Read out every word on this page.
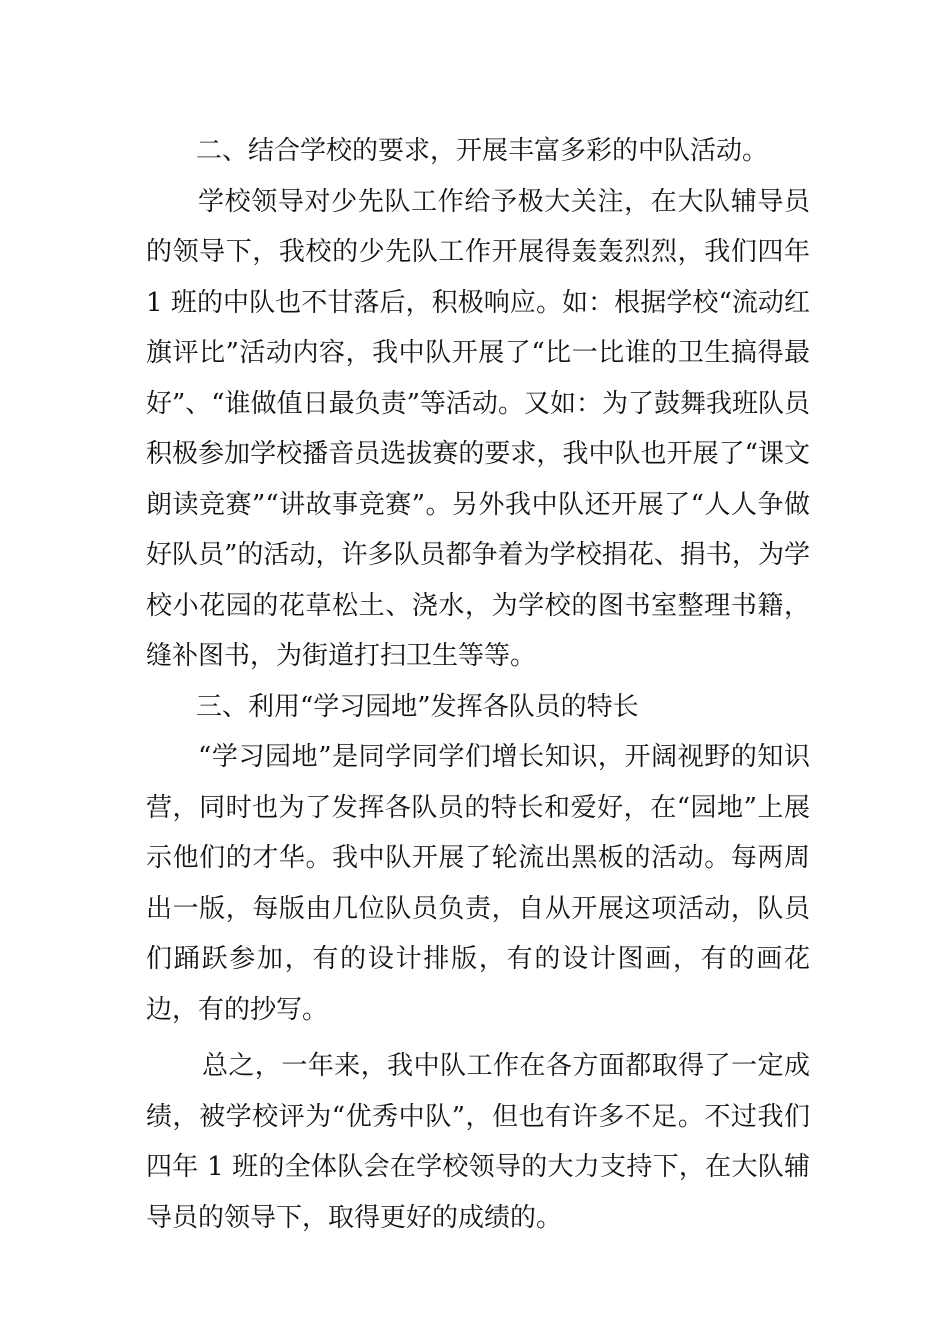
二、结合学校的要求，开展丰富多彩的中队活动。

学校领导对少先队工作给予极大关注，在大队辅导员的领导下，我校的少先队工作开展得轰轰烈烈，我们四年 1 班的中队也不甘落后，积极响应。如：根据学校“流动红旗评比”活动内容，我中队开展了“比一比谁的卫生搞得最好”、“谁做值日最负责”等活动。又如：为了鼓舞我班队员积极参加学校播音员选拔赛的要求，我中队也开展了“课文朗读竞赛”“讲故事竞赛”。另外我中队还开展了“人人争做好队员”的活动，许多队员都争着为学校捐花、捐书，为学校小花园的花草松土、浇水，为学校的图书室整理书籍，缝补图书，为街道打扫卫生等等。

三、利用“学习园地”发挥各队员的特长

“学习园地”是同学同学们增长知识，开阔视野的知识营，同时也为了发挥各队员的特长和爱好，在“园地”上展示他们的才华。我中队开展了轮流出黑板的活动。每两周出一版，每版由几位队员负责，自从开展这项活动，队员们踊跃参加，有的设计排版，有的设计图画，有的画花边，有的抄写。

总之，一年来，我中队工作在各方面都取得了一定成绩，被学校评为“优秀中队”，但也有许多不足。不过我们四年 1 班的全体队会在学校领导的大力支持下，在大队辅导员的领导下，取得更好的成绩的。
